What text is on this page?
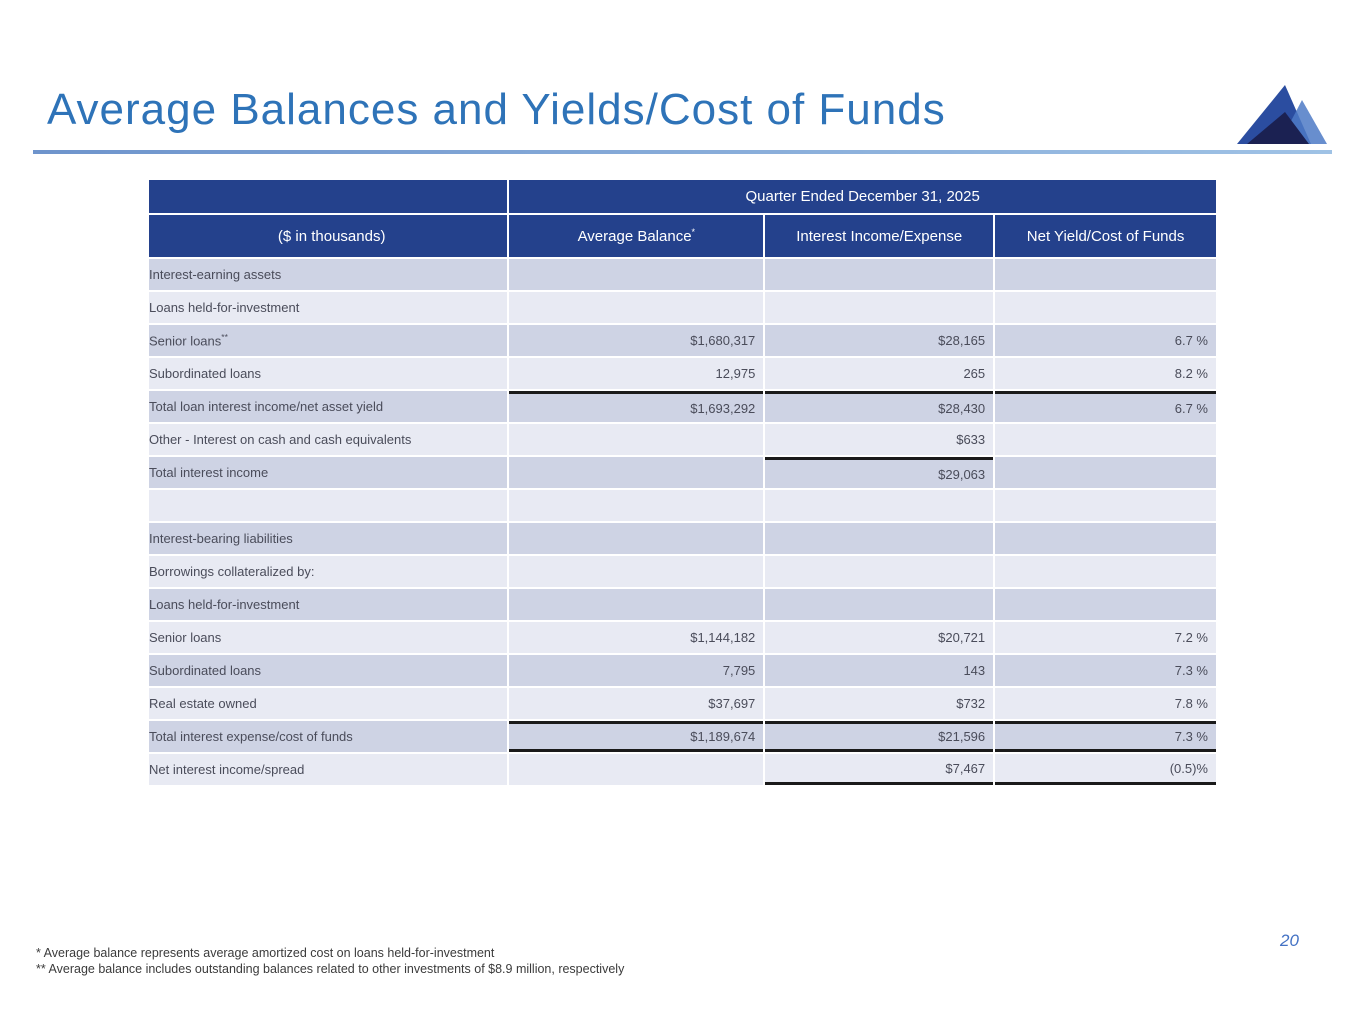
Average Balances and Yields/Cost of Funds
	Quarter Ended December 31, 2025		
($ in thousands)	Average Balance*	Interest Income/Expense	Net Yield/Cost of Funds
Interest-earning assets			
Loans held-for-investment			
Senior loans**	$1,680,317	$28,165	6.7 %
Subordinated loans	12,975	265	8.2 %
Total loan interest income/net asset yield	$1,693,292	$28,430	6.7 %
Other - Interest on cash and cash equivalents		$633	
Total interest income		$29,063	

Interest-bearing liabilities			
Borrowings collateralized by:			
Loans held-for-investment			
Senior loans	$1,144,182	$20,721	7.2 %
Subordinated loans	7,795	143	7.3 %
Real estate owned	$37,697	$732	7.8 %
Total interest expense/cost of funds	$1,189,674	$21,596	7.3 %
Net interest income/spread		$7,467	(0.5)%
* Average balance represents average amortized cost on loans held-for-investment
** Average balance includes outstanding balances related to other investments of $8.9 million, respectively
20
